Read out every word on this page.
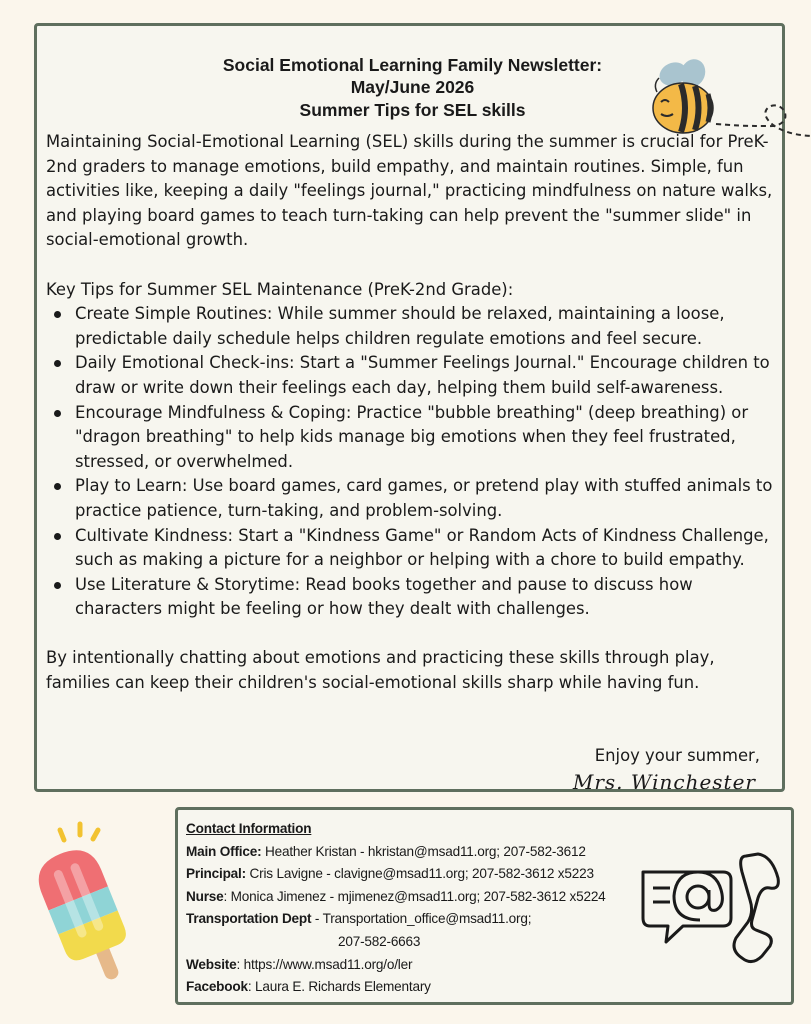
Social Emotional Learning Family Newsletter:
May/June 2026
Summer Tips for SEL skills

Maintaining Social-Emotional Learning (SEL) skills during the summer is crucial for PreK-2nd graders to manage emotions, build empathy, and maintain routines. Simple, fun activities like, keeping a daily "feelings journal," practicing mindfulness on nature walks, and playing board games to teach turn-taking can help prevent the "summer slide" in social-emotional growth.

Key Tips for Summer SEL Maintenance (PreK-2nd Grade):

Create Simple Routines: While summer should be relaxed, maintaining a loose, predictable daily schedule helps children regulate emotions and feel secure.
Daily Emotional Check-ins: Start a "Summer Feelings Journal." Encourage children to draw or write down their feelings each day, helping them build self-awareness.
Encourage Mindfulness & Coping: Practice "bubble breathing" (deep breathing) or "dragon breathing" to help kids manage big emotions when they feel frustrated, stressed, or overwhelmed.
Play to Learn: Use board games, card games, or pretend play with stuffed animals to practice patience, turn-taking, and problem-solving.
Cultivate Kindness: Start a "Kindness Game" or Random Acts of Kindness Challenge, such as making a picture for a neighbor or helping with a chore to build empathy.
Use Literature & Storytime: Read books together and pause to discuss how characters might be feeling or how they dealt with challenges.

By intentionally chatting about emotions and practicing these skills through play, families can keep their children's social-emotional skills sharp while having fun.

Enjoy your summer,
Mrs. Winchester
Contact Information
Main Office: Heather Kristan - hkristan@msad11.org; 207-582-3612
Principal: Cris Lavigne - clavigne@msad11.org; 207-582-3612 x5223
Nurse: Monica Jimenez - mjimenez@msad11.org; 207-582-3612 x5224
Transportation Dept - Transportation_office@msad11.org;
207-582-6663
Website: https://www.msad11.org/o/ler
Facebook: Laura E. Richards Elementary
